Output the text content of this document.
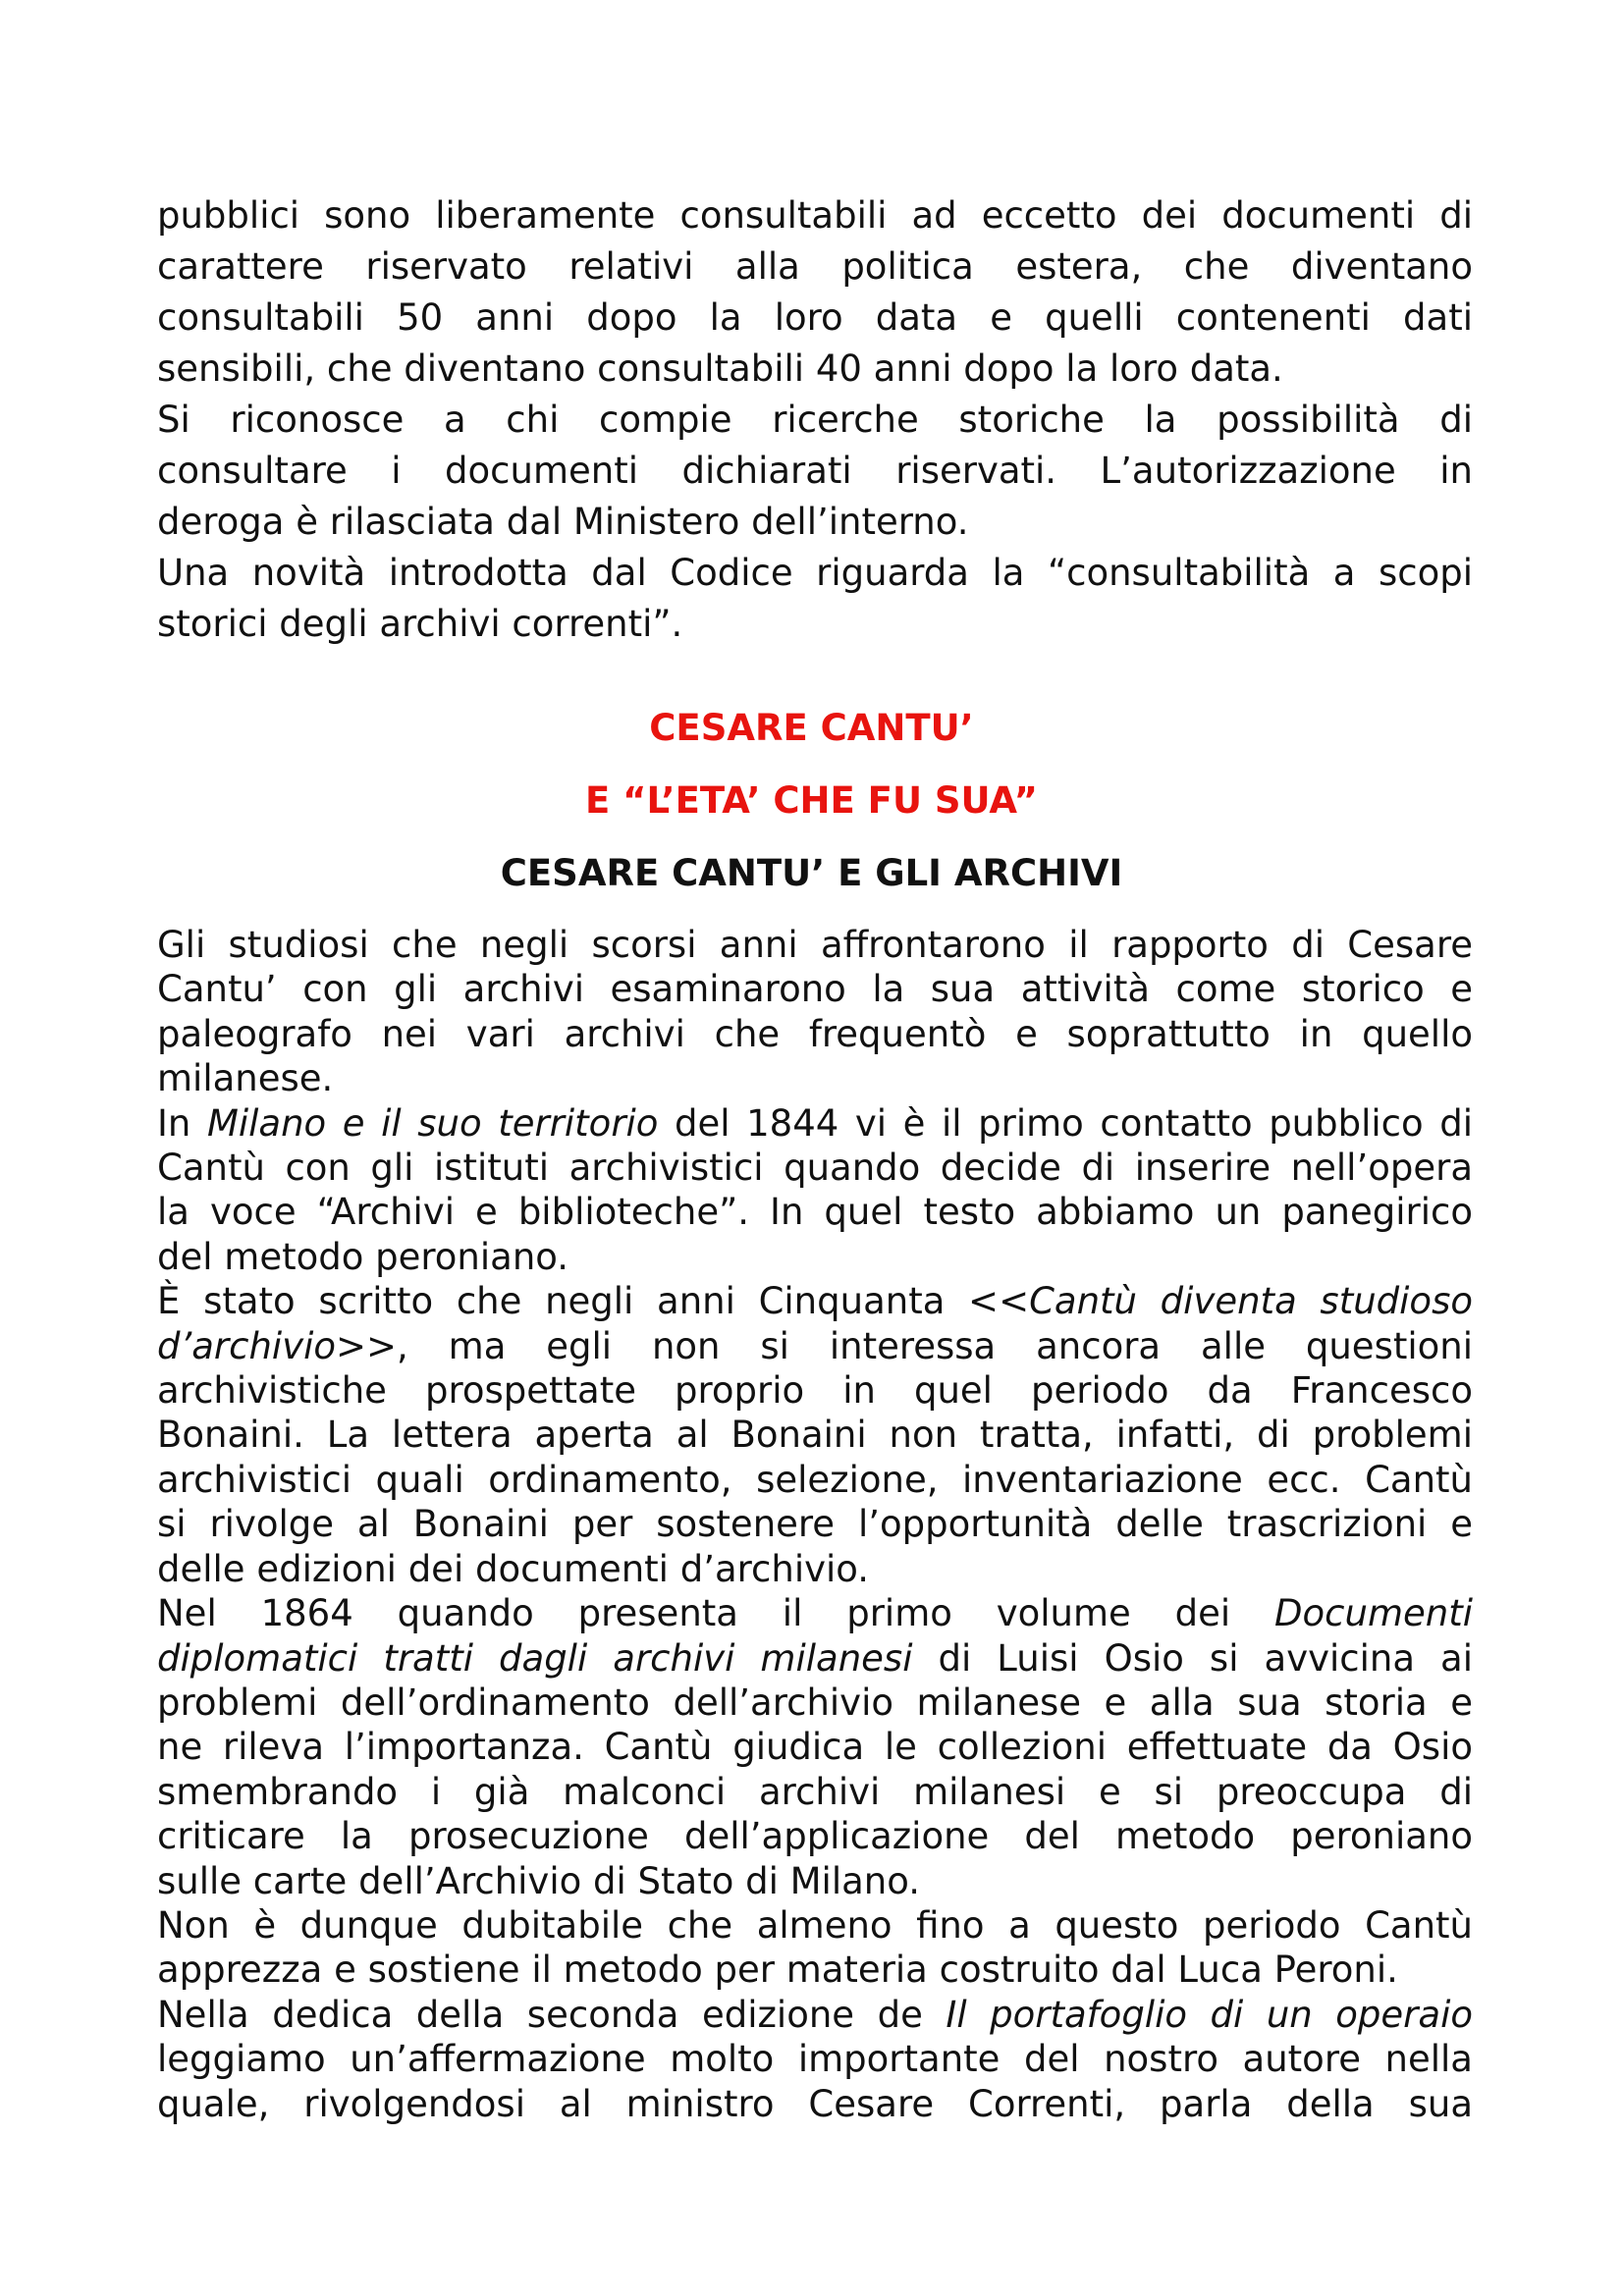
pubblici sono liberamente consultabili ad eccetto dei documenti di

carattere riservato relativi alla politica estera, che diventano

consultabili 50 anni dopo la loro data e quelli contenenti dati

sensibili, che diventano consultabili 40 anni dopo la loro data.

Si riconosce a chi compie ricerche storiche la possibilità di

consultare i documenti dichiarati riservati. L’autorizzazione in

deroga è rilasciata dal Ministero dell’interno.

Una novità introdotta dal Codice riguarda la “consultabilità a scopi

storici degli archivi correnti”.

CESARE CANTU’
E “L’ETA’ CHE FU SUA”
CESARE CANTU’ E GLI ARCHIVI

Gli studiosi che negli scorsi anni affrontarono il rapporto di Cesare

Cantu’ con gli archivi esaminarono la sua attività come storico e

paleografo nei vari archivi che frequentò e soprattutto in quello

milanese.

In Milano e il suo territorio del 1844 vi è il primo contatto pubblico di

Cantù con gli istituti archivistici quando decide di inserire nell’opera

la voce “Archivi e biblioteche”. In quel testo abbiamo un panegirico

del metodo peroniano.

È stato scritto che negli anni Cinquanta <<Cantù diventa studioso

d’archivio>>, ma egli non si interessa ancora alle questioni

archivistiche prospettate proprio in quel periodo da Francesco

Bonaini. La lettera aperta al Bonaini non tratta, infatti, di problemi

archivistici quali ordinamento, selezione, inventariazione ecc. Cantù

si rivolge al Bonaini per sostenere l’opportunità delle trascrizioni e

delle edizioni dei documenti d’archivio.

Nel 1864 quando presenta il primo volume dei Documenti

diplomatici tratti dagli archivi milanesi di Luisi Osio si avvicina ai

problemi dell’ordinamento dell’archivio milanese e alla sua storia e

ne rileva l’importanza. Cantù giudica le collezioni effettuate da Osio

smembrando i già malconci archivi milanesi e si preoccupa di

criticare la prosecuzione dell’applicazione del metodo peroniano

sulle carte dell’Archivio di Stato di Milano.

Non è dunque dubitabile che almeno fino a questo periodo Cantù

apprezza e sostiene il metodo per materia costruito dal Luca Peroni.

Nella dedica della seconda edizione de Il portafoglio di un operaio

leggiamo un’affermazione molto importante del nostro autore nella

quale, rivolgendosi al ministro Cesare Correnti, parla della sua
